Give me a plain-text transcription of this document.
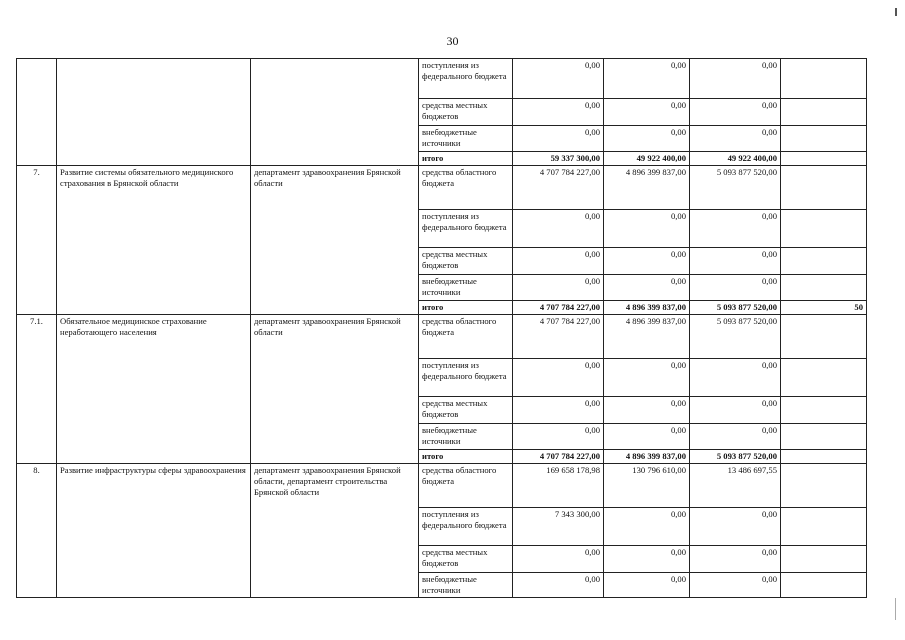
30
			поступления из федерального бюджета	0,00	0,00	0,00	
			средства местных бюджетов	0,00	0,00	0,00	
			внебюджетные источники	0,00	0,00	0,00	
			итого	59 337 300,00	49 922 400,00	49 922 400,00	
7.	Развитие системы обязательного медицинского страхования в Брянской области	департамент здравоохранения Брянской области	средства областного бюджета	4 707 784 227,00	4 896 399 837,00	5 093 877 520,00	
			поступления из федерального бюджета	0,00	0,00	0,00	
			средства местных бюджетов	0,00	0,00	0,00	
			внебюджетные источники	0,00	0,00	0,00	
			итого	4 707 784 227,00	4 896 399 837,00	5 093 877 520,00	50
7.1.	Обязательное медицинское страхование неработающего населения	департамент здравоохранения Брянской области	средства областного бюджета	4 707 784 227,00	4 896 399 837,00	5 093 877 520,00	
			поступления из федерального бюджета	0,00	0,00	0,00	
			средства местных бюджетов	0,00	0,00	0,00	
			внебюджетные источники	0,00	0,00	0,00	
			итого	4 707 784 227,00	4 896 399 837,00	5 093 877 520,00	
8.	Развитие инфраструктуры сферы здравоохранения	департамент здравоохранения Брянской области, департамент строительства Брянской области	средства областного бюджета	169 658 178,98	130 796 610,00	13 486 697,55	
			поступления из федерального бюджета	7 343 300,00	0,00	0,00	
			средства местных бюджетов	0,00	0,00	0,00	
			внебюджетные источники	0,00	0,00	0,00	
